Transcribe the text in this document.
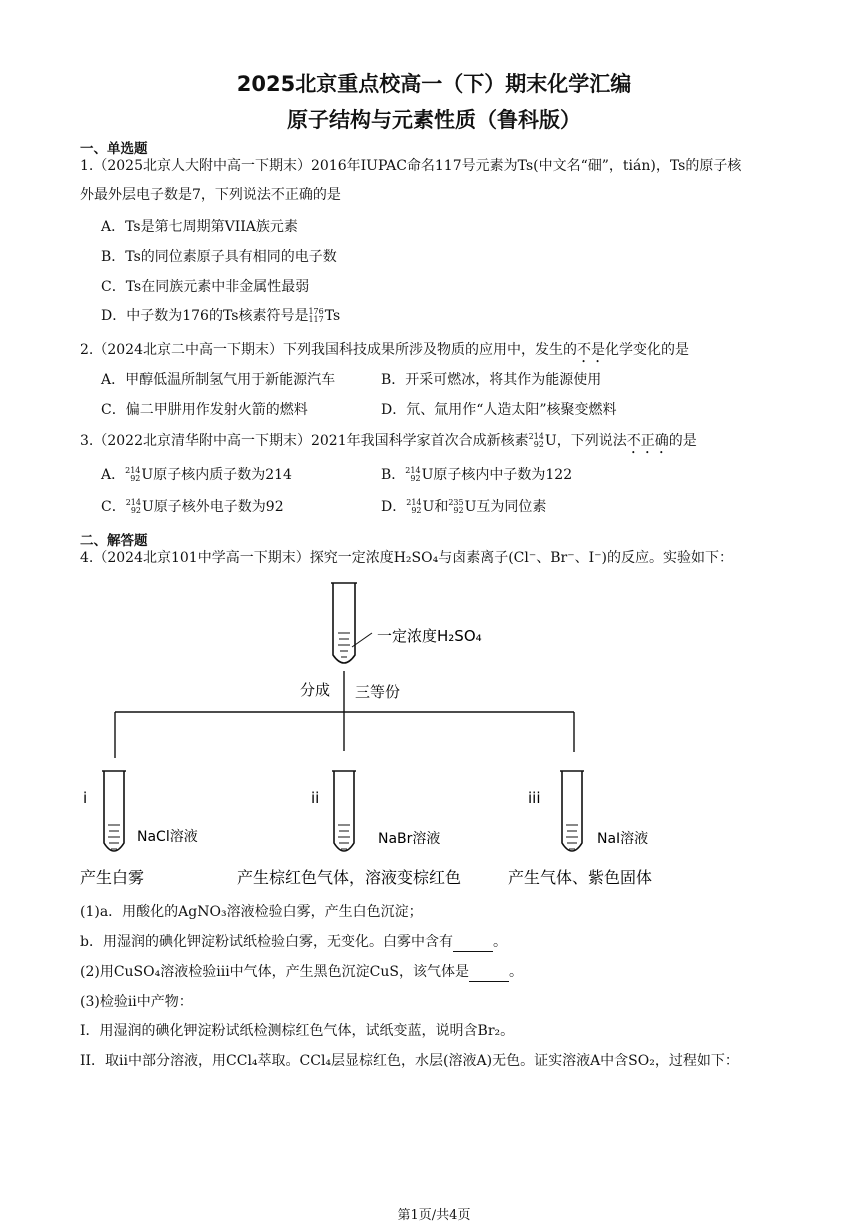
2025北京重点校高一（下）期末化学汇编
原子结构与元素性质（鲁科版）
一、单选题
1.（2025北京人大附中高一下期末）2016年IUPAC命名117号元素为Ts(中文名“鿬”，tián)，Ts的原子核
外最外层电子数是7，下列说法不正确的是
A．Ts是第七周期第VIIA族元素
B．Ts的同位素原子具有相同的电子数
C．Ts在同族元素中非金属性最弱
D．中子数为176的Ts核素符号是 176
117 Ts
2.（2024北京二中高一下期末）下列我国科技成果所涉及物质的应用中，发生的不是化学变化的是
A．甲醇低温所制氢气用于新能源汽车	B．开采可燃冰，将其作为能源使用
C．偏二甲肼用作发射火箭的燃料	D．氘、氚用作“人造太阳”核聚变燃料
3.（2022北京清华附中高一下期末）2021年我国科学家首次合成新核素 214
92 U，下列说法不正确的是
A． 214
92 U原子核内质子数为214	B． 214
92 U原子核内中子数为122
C． 214
92 U原子核外电子数为92	D． 214
92 U和 235
92 U互为同位素
二、解答题
4.（2024北京101中学高一下期末）探究一定浓度H₂SO₄与卤素离子(Cl⁻、Br⁻、I⁻)的反应。实验如下：
一定浓度H₂SO₄
分成 三等份
i
NaCl溶液
产生白雾
ii
NaBr溶液
产生棕红色气体，溶液变棕红色
iii
NaI溶液
产生气体、紫色固体
(1)a．用酸化的AgNO₃溶液检验白雾，产生白色沉淀；
b．用湿润的碘化钾淀粉试纸检验白雾，无变化。白雾中含有	。
(2)用CuSO₄溶液检验iii中气体，产生黑色沉淀CuS，该气体是	。
(3)检验ii中产物：
I．用湿润的碘化钾淀粉试纸检测棕红色气体，试纸变蓝，说明含Br₂。
II．取ii中部分溶液，用CCl₄萃取。CCl₄层显棕红色，水层(溶液A)无色。证实溶液A中含SO₂，过程如下：
第1页/共4页
